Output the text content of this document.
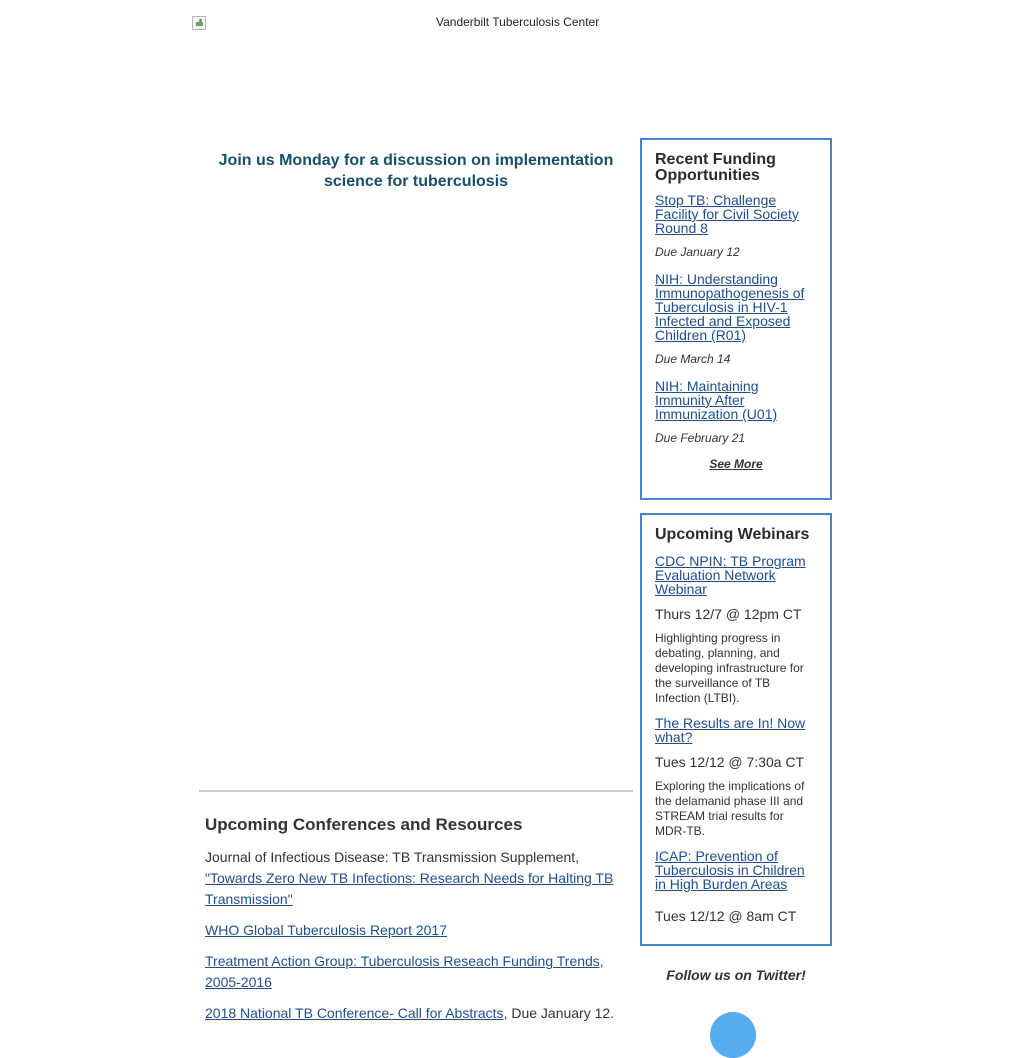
Vanderbilt Tuberculosis Center
Join us Monday for a discussion on implementation science for tuberculosis
Upcoming Conferences and Resources

Journal of Infectious Disease: TB Transmission Supplement,
"Towards Zero New TB Infections: Research Needs for Halting TB Transmission"

WHO Global Tuberculosis Report 2017

Treatment Action Group: Tuberculosis Reseach Funding Trends, 2005-2016

2018 National TB Conference- Call for Abstracts, Due January 12.

Recent Funding Opportunities
Stop TB: Challenge Facility for Civil Society Round 8
Due January 12
NIH: Understanding Immunopathogenesis of Tuberculosis in HIV-1 Infected and Exposed Children (R01)
Due March 14
NIH: Maintaining Immunity After Immunization (U01)
Due February 21
See More
Upcoming Webinars
CDC NPIN: TB Program Evaluation Network Webinar
Thurs 12/7 @ 12pm CT
Highlighting progress in debating, planning, and developing infrastructure for the surveillance of TB Infection (LTBI).
The Results are In! Now what?
Tues 12/12 @ 7:30a CT
Exploring the implications of the delamanid phase III and STREAM trial results for MDR-TB.
ICAP: Prevention of Tuberculosis in Children in High Burden Areas
Tues 12/12 @ 8am CT
Follow us on Twitter!
